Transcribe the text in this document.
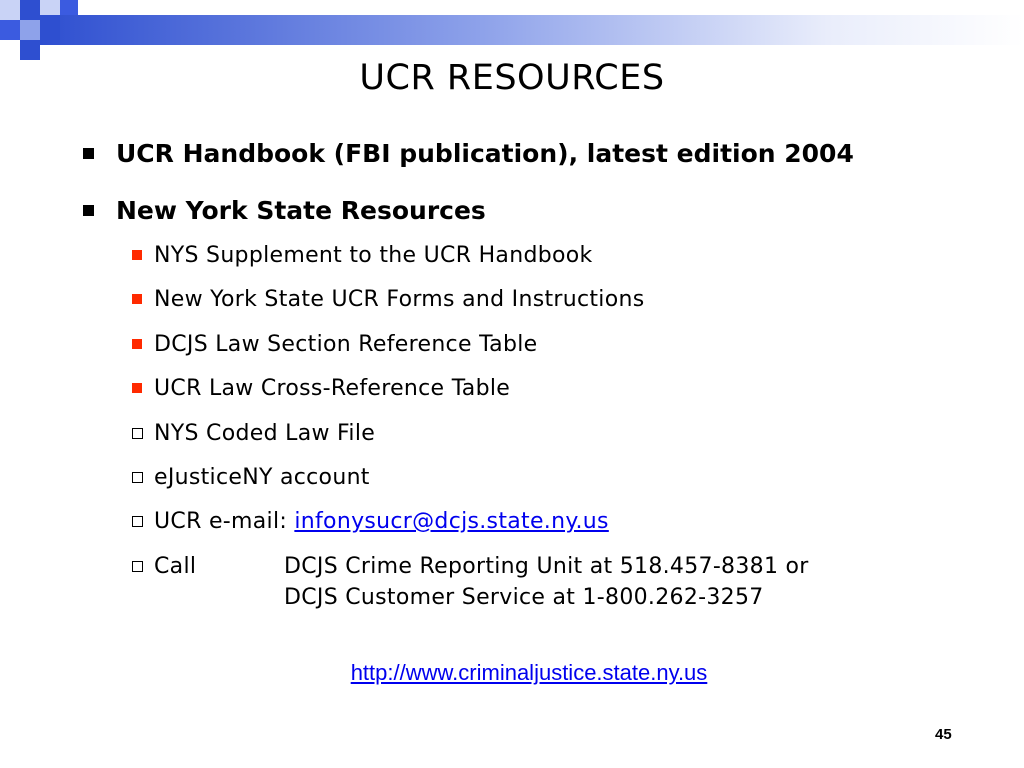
UCR RESOURCES
UCR Handbook (FBI publication), latest edition 2004
New York State Resources
NYS Supplement to the UCR Handbook
New York State UCR Forms and Instructions
DCJS Law Section Reference Table
UCR Law Cross-Reference Table
NYS Coded Law File
eJusticeNY account
UCR e-mail: infonysucr@dcjs.state.ny.us
Call	DCJS Crime Reporting Unit at 518.457-8381 or
DCJS Customer Service at 1-800.262-3257
http://www.criminaljustice.state.ny.us
45
